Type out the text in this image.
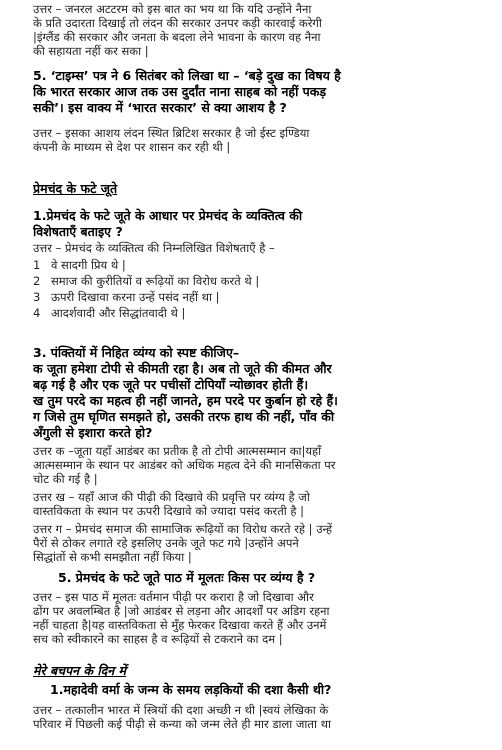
उत्तर – जनरल अटटरम को इस बात का भय था कि यदि उन्होंने नैना
के प्रति उदारता दिखाई तो लंदन की सरकार उनपर कड़ी कारवाई करेगी
|इंग्लैंड की सरकार और जनता के बदला लेने भावना के कारण वह नैना
की सहायता नहीं कर सका |
5. ‘टाइम्स’ पत्र ने 6 सितंबर को लिखा था – ‘बड़े दुख का विषय है
कि भारत सरकार आज तक उस दुर्दांत नाना साहब को नहीं पकड़
सकी’। इस वाक्य में ‘भारत सरकार’ से क्या आशय है ?
उत्तर – इसका आशय लंदन स्थित ब्रिटिश सरकार है जो ईस्ट इण्डिया
कंपनी के माध्यम से देश पर शासन कर रही थी |
प्रेमचंद के फटे जूते
1.प्रेमचंद के फटे जूते के आधार पर प्रेमचंद के व्यक्तित्व की
विशेषताएँ बताइए ?
उत्तर – प्रेमचंद के व्यक्तित्व की निम्नलिखित विशेषताएँ है –
1 वे सादगी प्रिय थे |
2 समाज की कुरीतियों व रूढ़ियों का विरोध करते थे |
3 ऊपरी दिखावा करना उन्हें पसंद नहीं था |
4 आदर्शवादी और सिद्धांतवादी थे |
3. पंक्तियों में निहित व्यंग्य को स्पष्ट कीजिए–
क जूता हमेशा टोपी से कीमती रहा है। अब तो जूते की कीमत और
बढ़ गई है और एक जूते पर पचीसों टोपियाँ न्योछावर होती हैं।
ख तुम परदे का महत्व ही नहीं जानते, हम परदे पर कुर्बान हो रहे हैं।
ग जिसे तुम घृणित समझते हो, उसकी तरफ हाथ की नहीं, पाँव की
अँगुली से इशारा करते हो?
उत्तर क –जूता यहाँ आडंबर का प्रतीक है तो टोपी आत्मसम्मान का|यहाँ
आत्मसम्मान के स्थान पर आडंबर को अधिक महत्व देने की मानसिकता पर
चोट की गई है |
उत्तर ख – यहाँ आज की पीढ़ी की दिखावे की प्रवृत्ति पर व्यंग्य है जो
वास्तविकता के स्थान पर ऊपरी दिखावे को ज्यादा पसंद करती है |
उत्तर ग – प्रेमचंद समाज की सामाजिक रूढ़ियों का विरोध करते रहे | उन्हें
पैरों से ठोकर लगाते रहे इसलिए उनके जूते फट गये |उन्होंने अपने
सिद्धांतों से कभी समझौता नहीं किया |
5. प्रेमचंद के फटे जूते पाठ में मूलतः किस पर व्यंग्य है ?
उत्तर – इस पाठ में मूलतः वर्तमान पीढ़ी पर करारा है जो दिखावा और
ढोंग पर अवलम्बित है |जो आडंबर से लड़ना और आदर्शों पर अडिग रहना
नहीं चाहता है|यह वास्तविकता से मुँह फेरकर दिखावा करते हैं और उनमें
सच को स्वीकारने का साहस है व रूढ़ियों से टकराने का दम |
मेरे बचपन के दिन में
1.महादेवी वर्मा के जन्म के समय लड़कियों की दशा कैसी थी?
उत्तर – तत्कालीन भारत में स्त्रियों की दशा अच्छी न थी |स्वयं लेखिका के
परिवार में पिछली कई पीढ़ी से कन्या को जन्म लेते ही मार डाला जाता था
